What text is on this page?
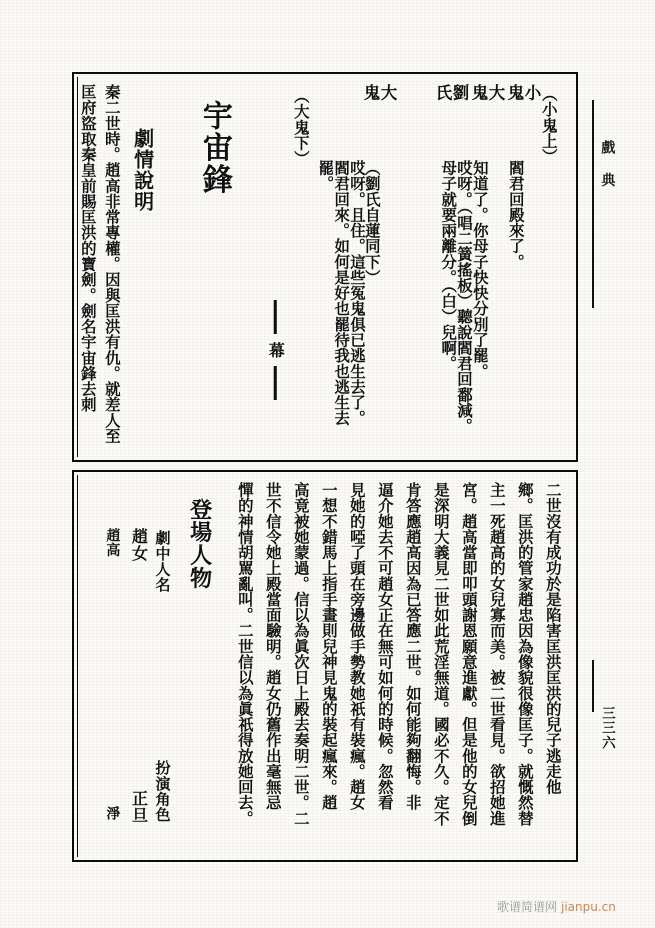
戲典
三三六
（小鬼上）
小　鬼
閻君回殿來了。
大　鬼
知道了。你母子快快分別了罷。
劉　氏
哎呀。（唱二簧搖板）聽說閻君回鄱減。母子就要兩離分。（白）兒啊。
（劉氏自蓮同下）
大　鬼
哎呀。且住。這些冤鬼俱已逃生去了。閻君回來。如何是好也罷待我也逃生去罷。
（大鬼下）
幕
宇宙鋒
劇情說明
秦二世時。趙高非常專權。因與匡洪有仇。就差人至
匡府盜取秦皇前賜匡洪的寶劍。劍名宇宙鋒去刺
二世沒有成功於是陷害匡洪匡洪的兒子逃走他
鄉。匡洪的管家趙忠因為像貌很像匡子。就慨然替
主一死趙高的女兒寡而美。被二世看見。欲招她進
宮。趙高當即叩頭謝恩願意進獻。但是他的女兒倒
是深明大義見二世如此荒淫無道。國必不久。定不
肯答應趙高因為已答應二世。如何能夠翻悔。非
逼介她去不可趙女正在無可如何的時候。忽然看
見她的啞了頭在旁邊做手勢教她祇有裝瘋。趙女
一想不錯馬上指手畫則兒神見鬼的裝起瘋來。趙
高竟被她蒙過。信以為眞次日上殿去奏明二世。二
世不信令她上殿當面驗明。趙女仍舊作出毫無忌
憚的神情胡駡亂叫。二世信以為眞祇得放她回去。
登場人物
劇中人名
扮演角色
趙女
正旦
趙高
淨
歌谱简谱网 jianpu.cn
